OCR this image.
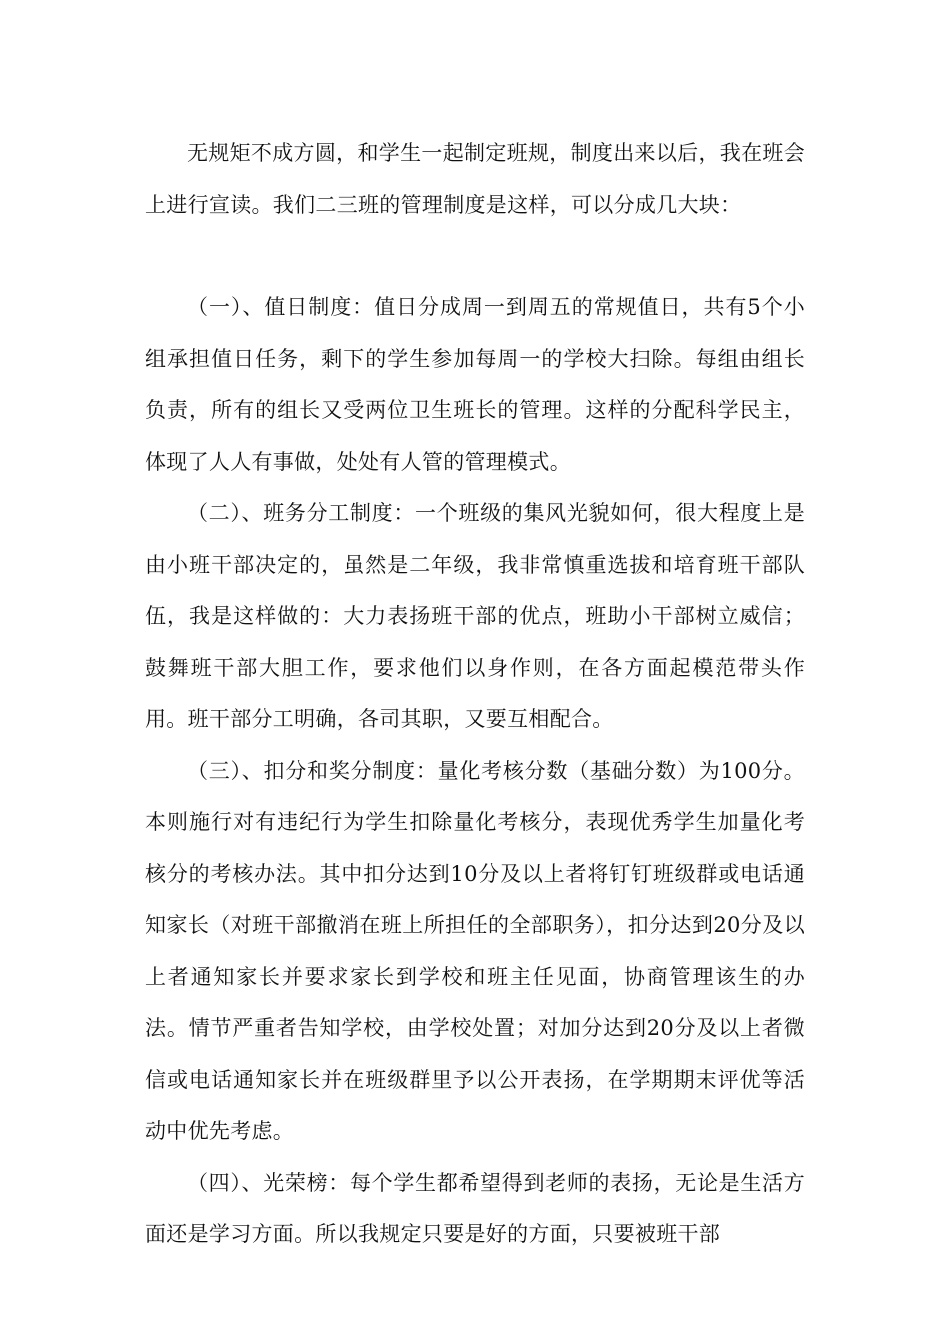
无规矩不成方圆，和学生一起制定班规，制度出来以后，我在班会上进行宣读。我们二三班的管理制度是这样，可以分成几大块：

（一）、值日制度：值日分成周一到周五的常规值日，共有5个小组承担值日任务，剩下的学生参加每周一的学校大扫除。每组由组长负责，所有的组长又受两位卫生班长的管理。这样的分配科学民主，体现了人人有事做，处处有人管的管理模式。

（二）、班务分工制度：一个班级的集风光貌如何，很大程度上是由小班干部决定的，虽然是二年级，我非常慎重选拔和培育班干部队伍，我是这样做的：大力表扬班干部的优点，班助小干部树立威信；鼓舞班干部大胆工作，要求他们以身作则，在各方面起模范带头作用。班干部分工明确，各司其职，又要互相配合。

（三）、扣分和奖分制度：量化考核分数（基础分数）为100分。本则施行对有违纪行为学生扣除量化考核分，表现优秀学生加量化考核分的考核办法。其中扣分达到10分及以上者将钉钉班级群或电话通知家长（对班干部撤消在班上所担任的全部职务），扣分达到20分及以上者通知家长并要求家长到学校和班主任见面，协商管理该生的办法。情节严重者告知学校，由学校处置；对加分达到20分及以上者微信或电话通知家长并在班级群里予以公开表扬，在学期期末评优等活动中优先考虑。

（四）、光荣榜：每个学生都希望得到老师的表扬，无论是生活方面还是学习方面。所以我规定只要是好的方面，只要被班干部
